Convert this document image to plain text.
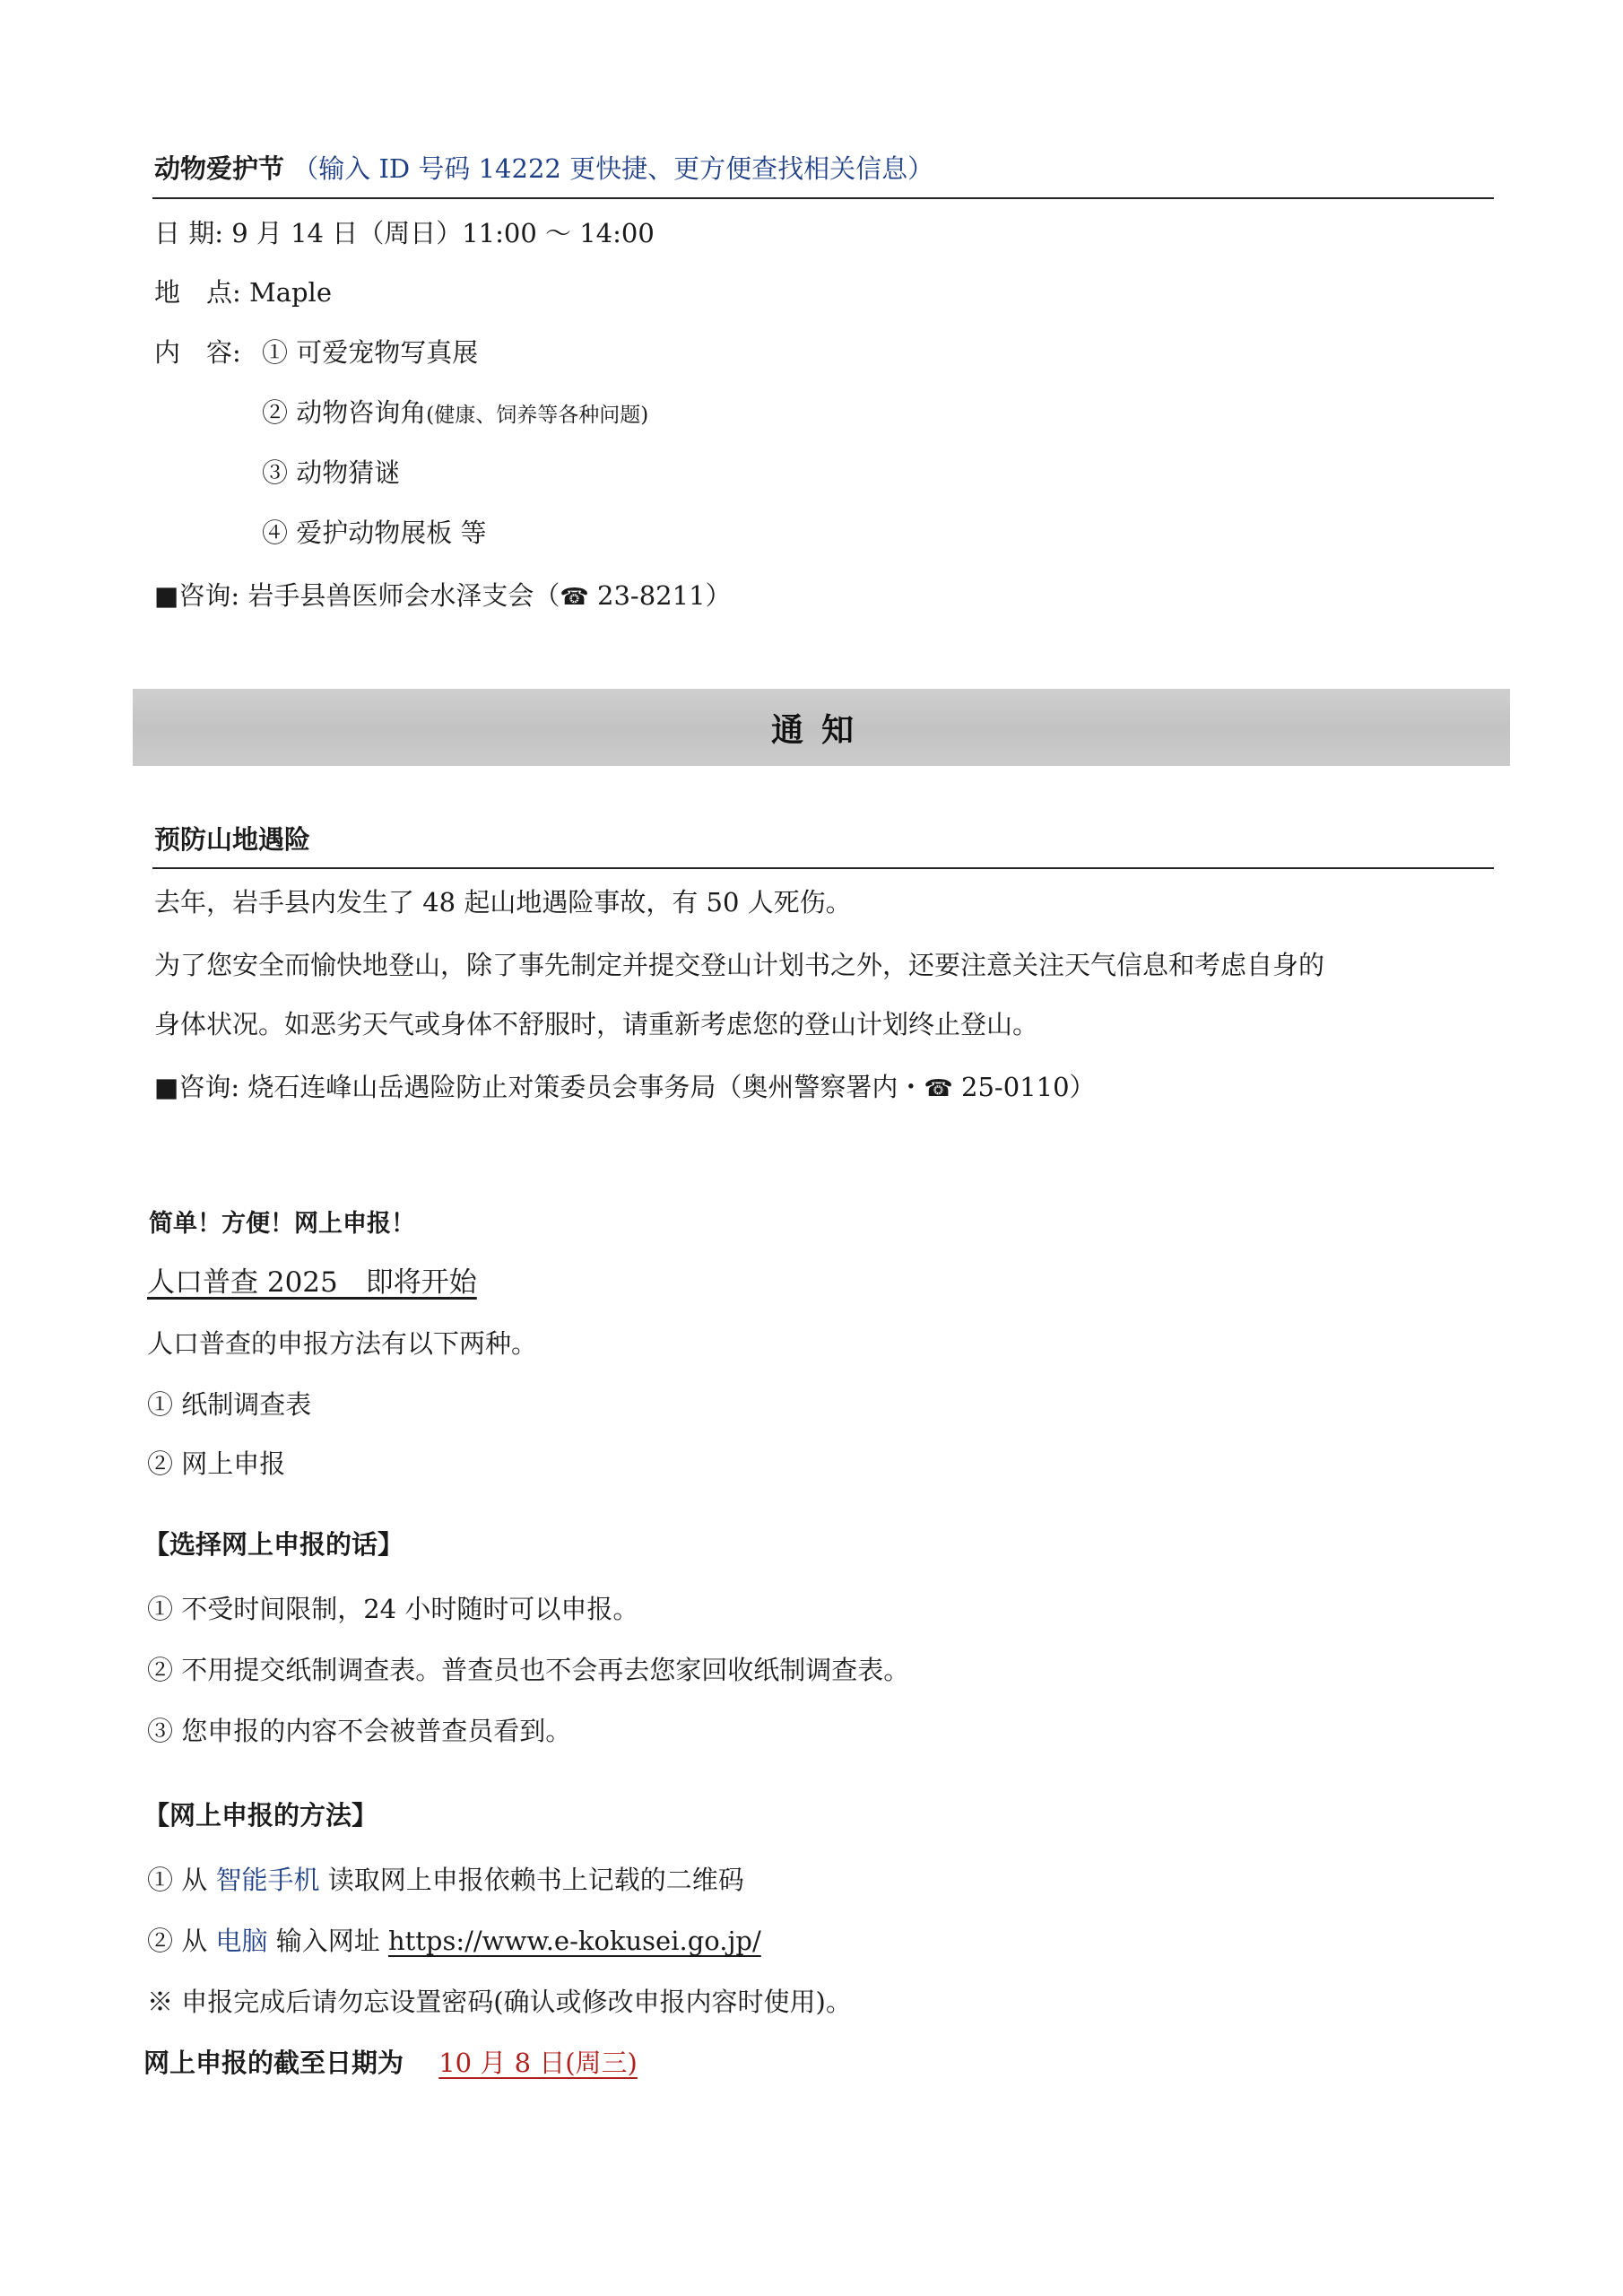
动物爱护节 （输入 ID 号码 14222 更快捷、更方便查找相关信息）
日 期: 9 月 14 日（周日）11:00 ～ 14:00
地　点: Maple
内　容: ① 可爱宠物写真展
② 动物咨询角(健康、饲养等各种问题)
③ 动物猜谜
④ 爱护动物展板 等
■咨询: 岩手县兽医师会水泽支会（☎ 23-8211）
通知
预防山地遇险
去年，岩手县内发生了 48 起山地遇险事故，有 50 人死伤。
为了您安全而愉快地登山，除了事先制定并提交登山计划书之外，还要注意关注天气信息和考虑自身的
身体状况。如恶劣天气或身体不舒服时，请重新考虑您的登山计划终止登山。
■咨询: 烧石连峰山岳遇险防止对策委员会事务局（奥州警察署内・☎ 25-0110）
简单！方便！网上申报！
人口普查 2025　即将开始
人口普查的申报方法有以下两种。
① 纸制调查表
② 网上申报
【选择网上申报的话】
① 不受时间限制，24 小时随时可以申报。
② 不用提交纸制调查表。普查员也不会再去您家回收纸制调查表。
③ 您申报的内容不会被普查员看到。
【网上申报的方法】
① 从 智能手机 读取网上申报依赖书上记载的二维码
② 从 电脑 输入网址 https://www.e-kokusei.go.jp/
※ 申报完成后请勿忘设置密码(确认或修改申报内容时使用)。
网上申报的截至日期为 10 月 8 日(周三)
